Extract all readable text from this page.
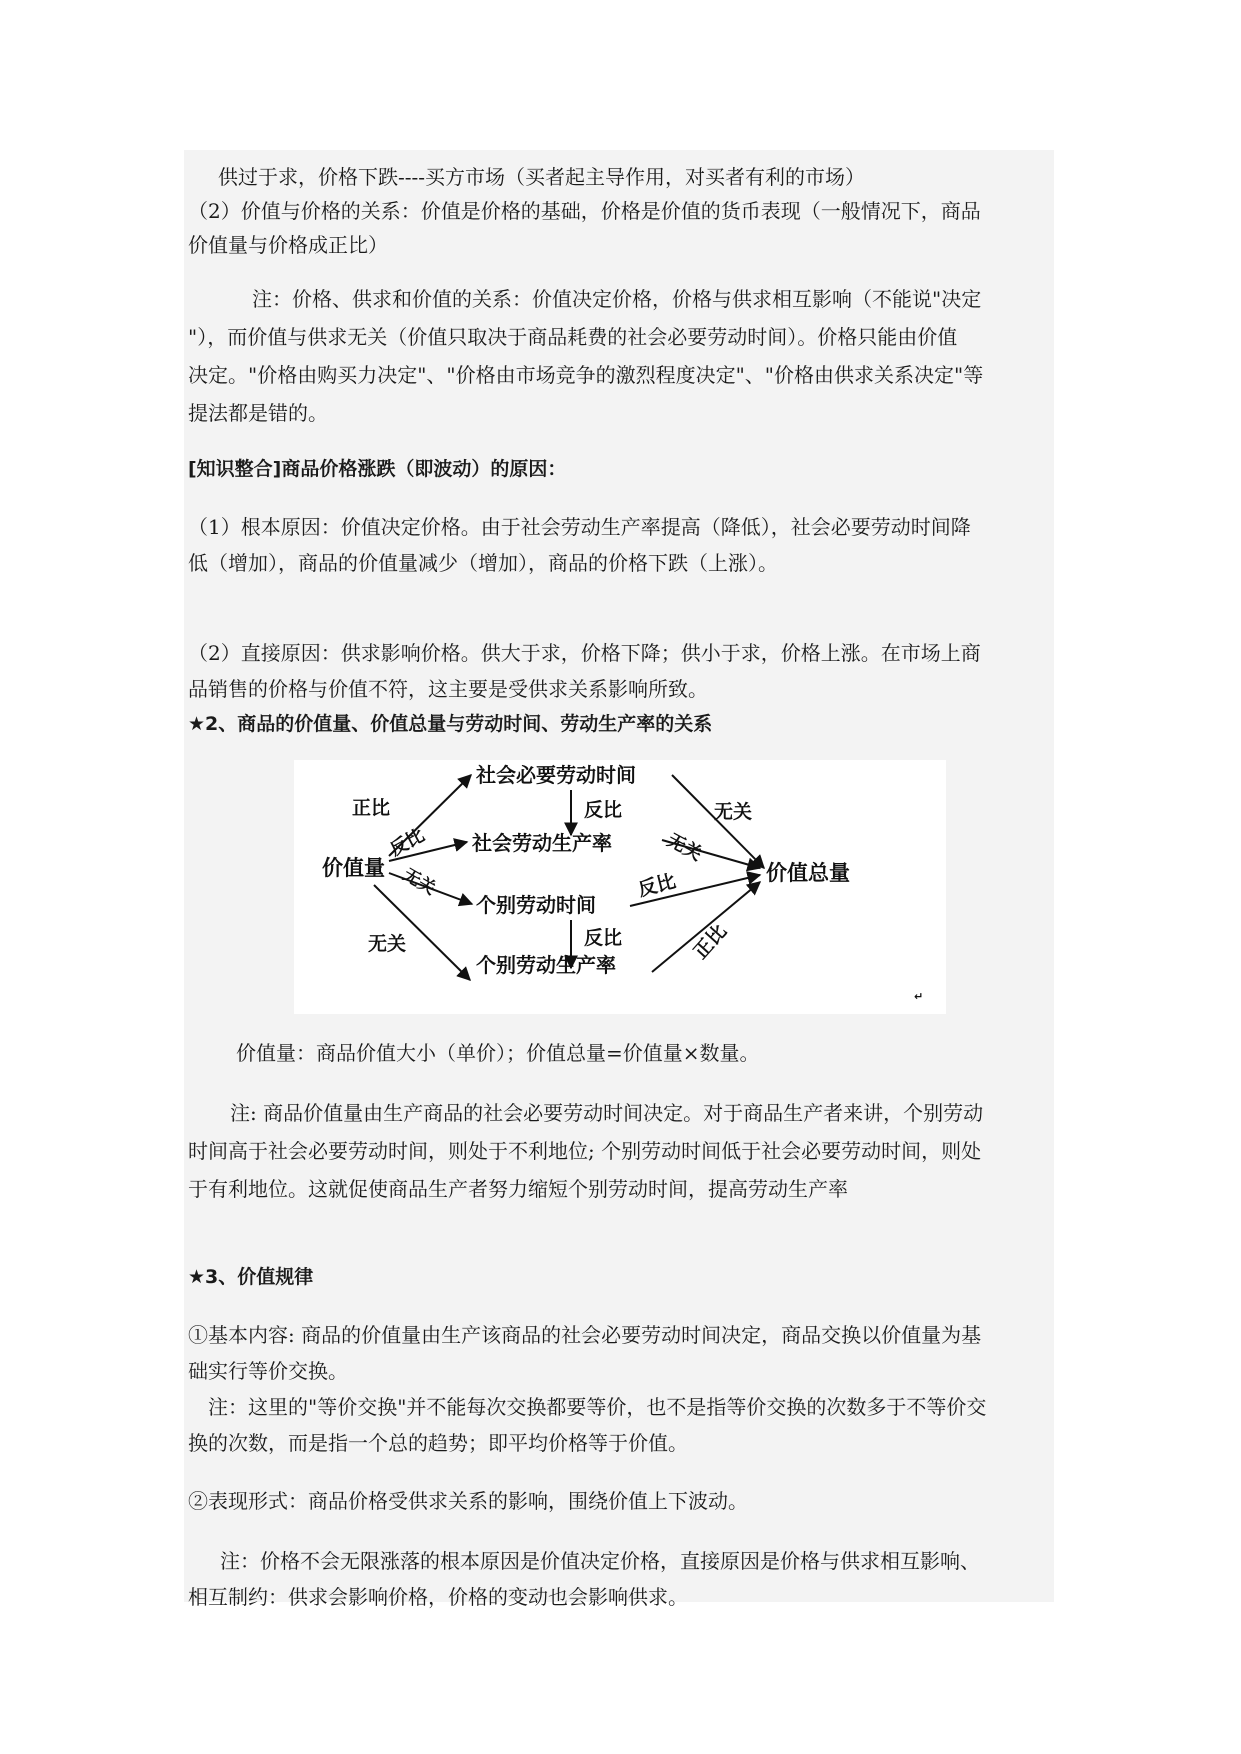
供过于求，价格下跌----买方市场（买者起主导作用，对买者有利的市场）
（2）价值与价格的关系：价值是价格的基础，价格是价值的货币表现（一般情况下，商品
价值量与价格成正比）
注：价格、供求和价值的关系：价值决定价格，价格与供求相互影响（不能说"决定
"），而价值与供求无关（价值只取决于商品耗费的社会必要劳动时间）。价格只能由价值
决定。"价格由购买力决定"、"价格由市场竞争的激烈程度决定"、"价格由供求关系决定"等
提法都是错的。
[知识整合]商品价格涨跌（即波动）的原因：
（1）根本原因：价值决定价格。由于社会劳动生产率提高（降低），社会必要劳动时间降
低（增加），商品的价值量减少（增加），商品的价格下跌（上涨）。
（2）直接原因：供求影响价格。供大于求，价格下降；供小于求，价格上涨。在市场上商
品销售的价格与价值不符，这主要是受供求关系影响所致。
★2、商品的价值量、价值总量与劳动时间、劳动生产率的关系
价值量
社会必要劳动时间
社会劳动生产率
个别劳动时间
个别劳动生产率
价值总量
正比	反比	无关
反比	无关
无关	反比
无关	反比	正比
↵
价值量：商品价值大小（单价）；价值总量=价值量×数量。
注: 商品价值量由生产商品的社会必要劳动时间决定。对于商品生产者来讲，个别劳动
时间高于社会必要劳动时间，则处于不利地位; 个别劳动时间低于社会必要劳动时间，则处
于有利地位。这就促使商品生产者努力缩短个别劳动时间，提高劳动生产率
★3、价值规律
①基本内容: 商品的价值量由生产该商品的社会必要劳动时间决定，商品交换以价值量为基
础实行等价交换。
注：这里的"等价交换"并不能每次交换都要等价，也不是指等价交换的次数多于不等价交
换的次数，而是指一个总的趋势；即平均价格等于价值。
②表现形式：商品价格受供求关系的影响，围绕价值上下波动。
注：价格不会无限涨落的根本原因是价值决定价格，直接原因是价格与供求相互影响、
相互制约：供求会影响价格，价格的变动也会影响供求。
